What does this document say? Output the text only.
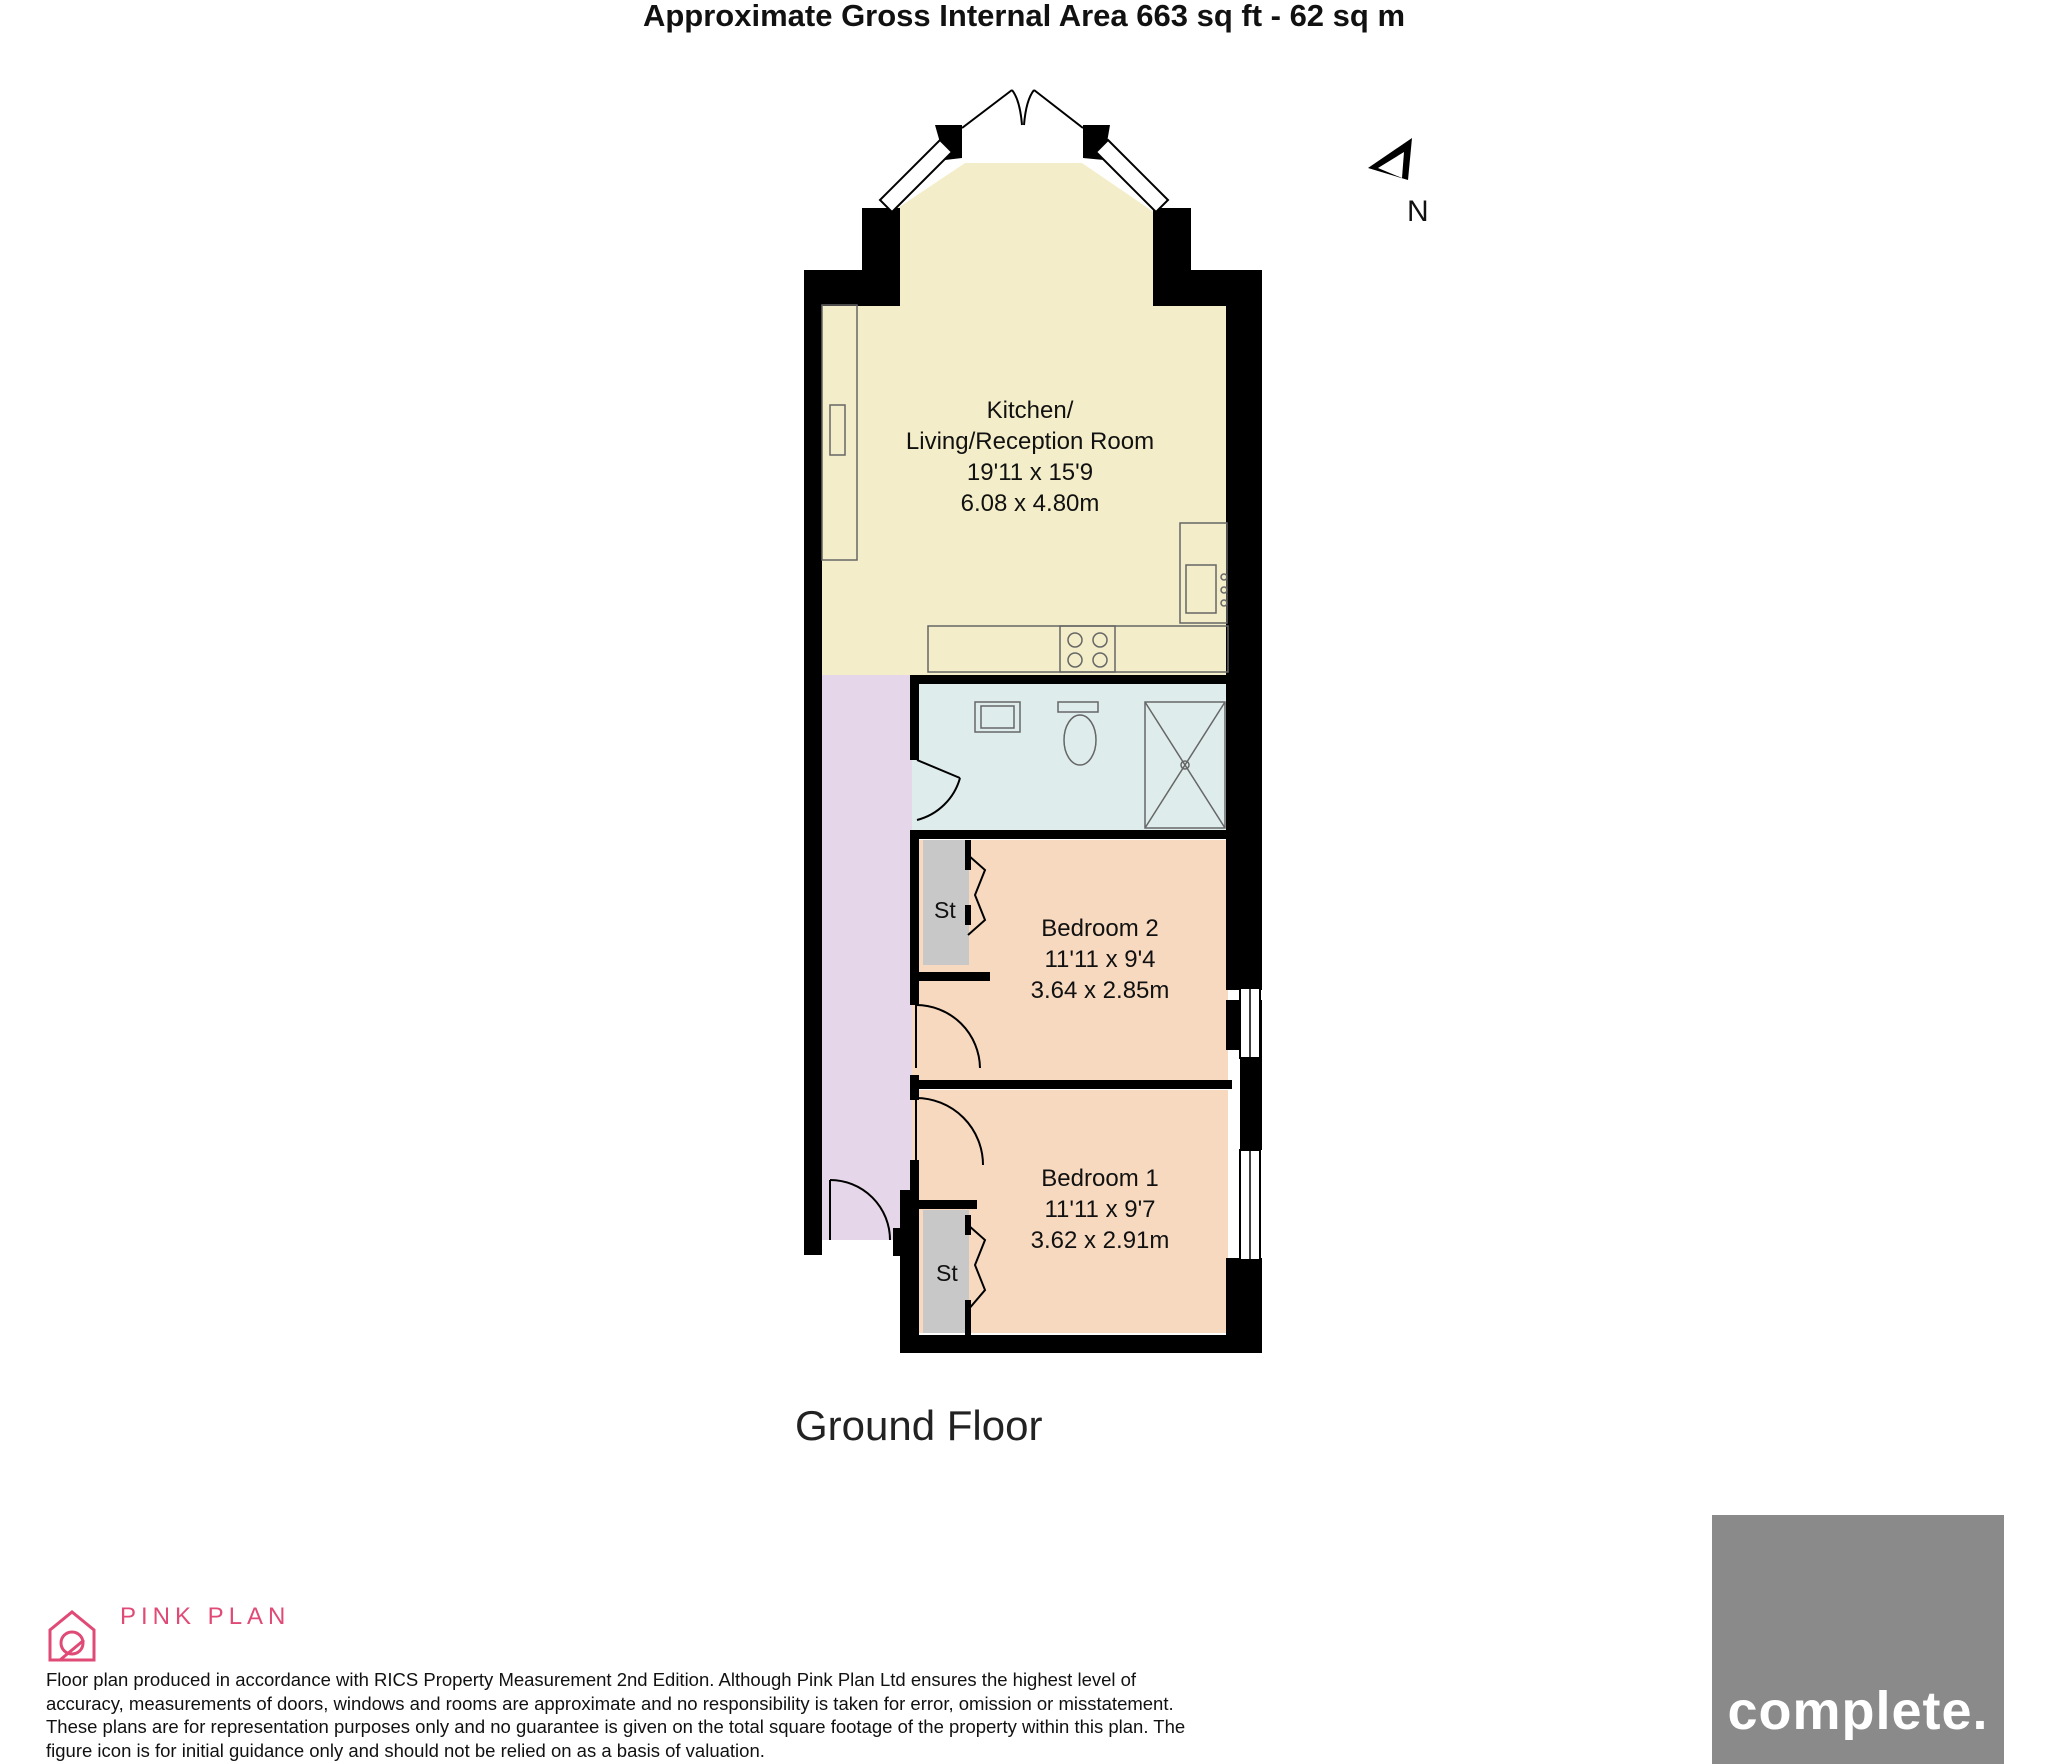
Approximate Gross Internal Area 663 sq ft - 62 sq m
Kitchen/
Living/Reception Room
19'11 x 15'9
6.08 x 4.80m
Bedroom 2
11'11 x 9'4
3.64 x 2.85m
Bedroom 1
11'11 x 9'7
3.62 x 2.91m
St
St
N
Ground Floor
PINK PLAN
Floor plan produced in accordance with RICS Property Measurement 2nd Edition. Although Pink Plan Ltd ensures the highest level of accuracy, measurements of doors, windows and rooms are approximate and no responsibility is taken for error, omission or misstatement. These plans are for representation purposes only and no guarantee is given on the total square footage of the property within this plan. The figure icon is for initial guidance only and should not be relied on as a basis of valuation.
complete.
